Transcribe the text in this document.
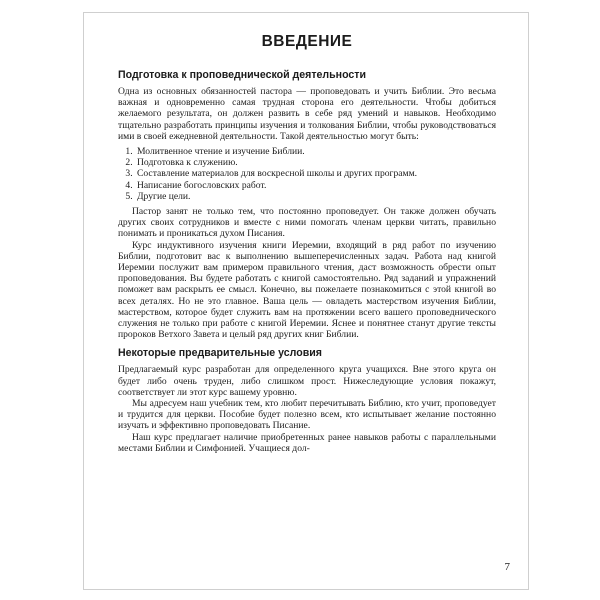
ВВЕДЕНИЕ
Подготовка к проповеднической деятельности

Одна из основных обязанностей пастора — проповедовать и учить Библии. Это весьма важная и одновременно самая трудная сторона его деятельности. Чтобы добиться желаемого результата, он должен развить в себе ряд умений и навыков. Необходимо тщательно разработать принципы изучения и толкования Библии, чтобы руководствоваться ими в своей ежедневной деятельности. Такой деятельностью могут быть:

1. Молитвенное чтение и изучение Библии.
2. Подготовка к служению.
3. Составление материалов для воскресной школы и других программ.
4. Написание богословских работ.
5. Другие цели.

Пастор занят не только тем, что постоянно проповедует. Он также должен обучать других своих сотрудников и вместе с ними помогать членам церкви читать, правильно понимать и проникаться духом Писания.

Курс индуктивного изучения книги Иеремии, входящий в ряд работ по изучению Библии, подготовит вас к выполнению вышеперечисленных задач. Работа над книгой Иеремии послужит вам примером правильного чтения, даст возможность обрести опыт проповедования. Вы будете работать с книгой самостоятельно. Ряд заданий и упражнений поможет вам раскрыть ее смысл. Конечно, вы пожелаете познакомиться с этой книгой во всех деталях. Но не это главное. Ваша цель — овладеть мастерством изучения Библии, мастерством, которое будет служить вам на протяжении всего вашего проповеднического служения не только при работе с книгой Иеремии. Яснее и понятнее станут другие тексты пророков Ветхого Завета и целый ряд других книг Библии.

Некоторые предварительные условия

Предлагаемый курс разработан для определенного круга учащихся. Вне этого круга он будет либо очень труден, либо слишком прост. Нижеследующие условия покажут, соответствует ли этот курс вашему уровню.

Мы адресуем наш учебник тем, кто любит перечитывать Библию, кто учит, проповедует и трудится для церкви. Пособие будет полезно всем, кто испытывает желание постоянно изучать и эффективно проповедовать Писание.

Наш курс предлагает наличие приобретенных ранее навыков работы с параллельными местами Библии и Симфонией. Учащиеся дол-

7
